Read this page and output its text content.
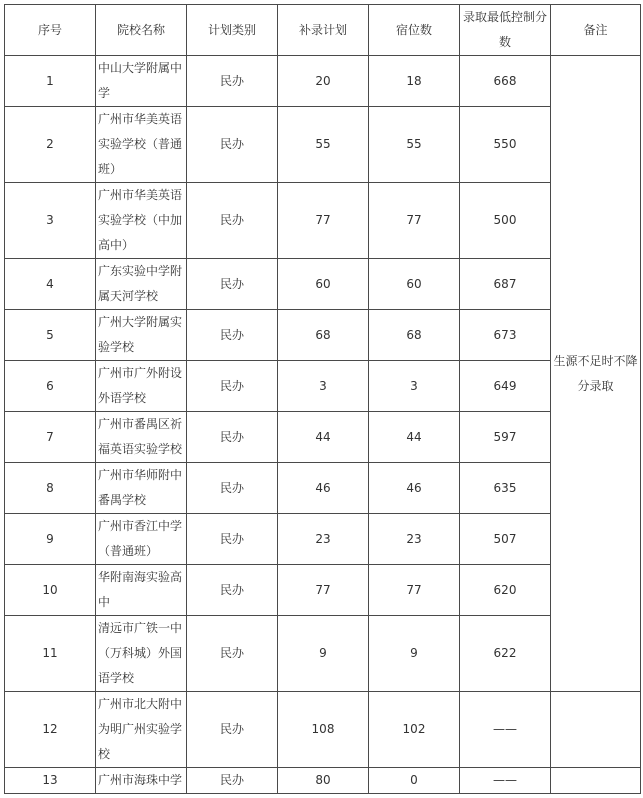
序号	院校名称	计划类别	补录计划	宿位数	录取最低控制分数	备注
1	中山大学附属中学	民办	20	18	668	生源不足时不降分录取
2	广州市华美英语实验学校（普通班）	民办	55	55	550	
3	广州市华美英语实验学校（中加高中）	民办	77	77	500	
4	广东实验中学附属天河学校	民办	60	60	687	
5	广州大学附属实验学校	民办	68	68	673	
6	广州市广外附设外语学校	民办	3	3	649	
7	广州市番禺区祈福英语实验学校	民办	44	44	597	
8	广州市华师附中番禺学校	民办	46	46	635	
9	广州市香江中学（普通班）	民办	23	23	507	
10	华附南海实验高中	民办	77	77	620	
11	清远市广铁一中（万科城）外国语学校	民办	9	9	622	
12	广州市北大附中为明广州实验学校	民办	108	102	——	
13	广州市海珠中学	民办	80	0	——	
